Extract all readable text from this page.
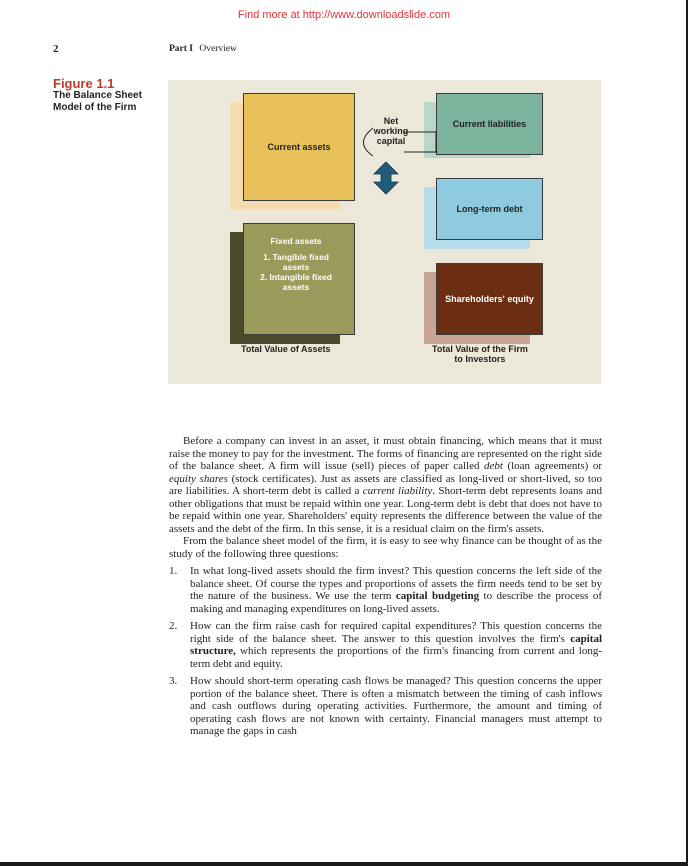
Find more at http://www.downloadslide.com
2	Part I Overview
Figure 1.1
The Balance Sheet Model of the Firm
Current assets
Fixed assets
1. Tangible fixed assets
2. Intangible fixed assets
Current liabilities
Long-term debt
Shareholders' equity
Net
working
capital
Total Value of Assets	Total Value of the Firm
to Investors

Before a company can invest in an asset, it must obtain financing, which means that it must raise the money to pay for the investment. The forms of financing are represented on the right side of the balance sheet. A firm will issue (sell) pieces of paper called debt (loan agreements) or equity shares (stock certificates). Just as assets are classified as long-lived or short-lived, so too are liabilities. A short-term debt is called a current liability. Short-term debt represents loans and other obligations that must be repaid within one year. Long-term debt is debt that does not have to be repaid within one year. Shareholders' equity represents the difference between the value of the assets and the debt of the firm. In this sense, it is a residual claim on the firm's assets.

From the balance sheet model of the firm, it is easy to see why finance can be thought of as the study of the following three questions:

1. In what long-lived assets should the firm invest? This question concerns the left side of the balance sheet. Of course the types and proportions of assets the firm needs tend to be set by the nature of the business. We use the term capital budgeting to describe the process of making and managing expenditures on long-lived assets.
2. How can the firm raise cash for required capital expenditures? This question concerns the right side of the balance sheet. The answer to this question involves the firm's capital structure, which represents the proportions of the firm's financing from current and long-term debt and equity.
3. How should short-term operating cash flows be managed? This question concerns the upper portion of the balance sheet. There is often a mismatch between the timing of cash inflows and cash outflows during operating activities. Furthermore, the amount and timing of operating cash flows are not known with certainty. Financial managers must attempt to manage the gaps in cash
